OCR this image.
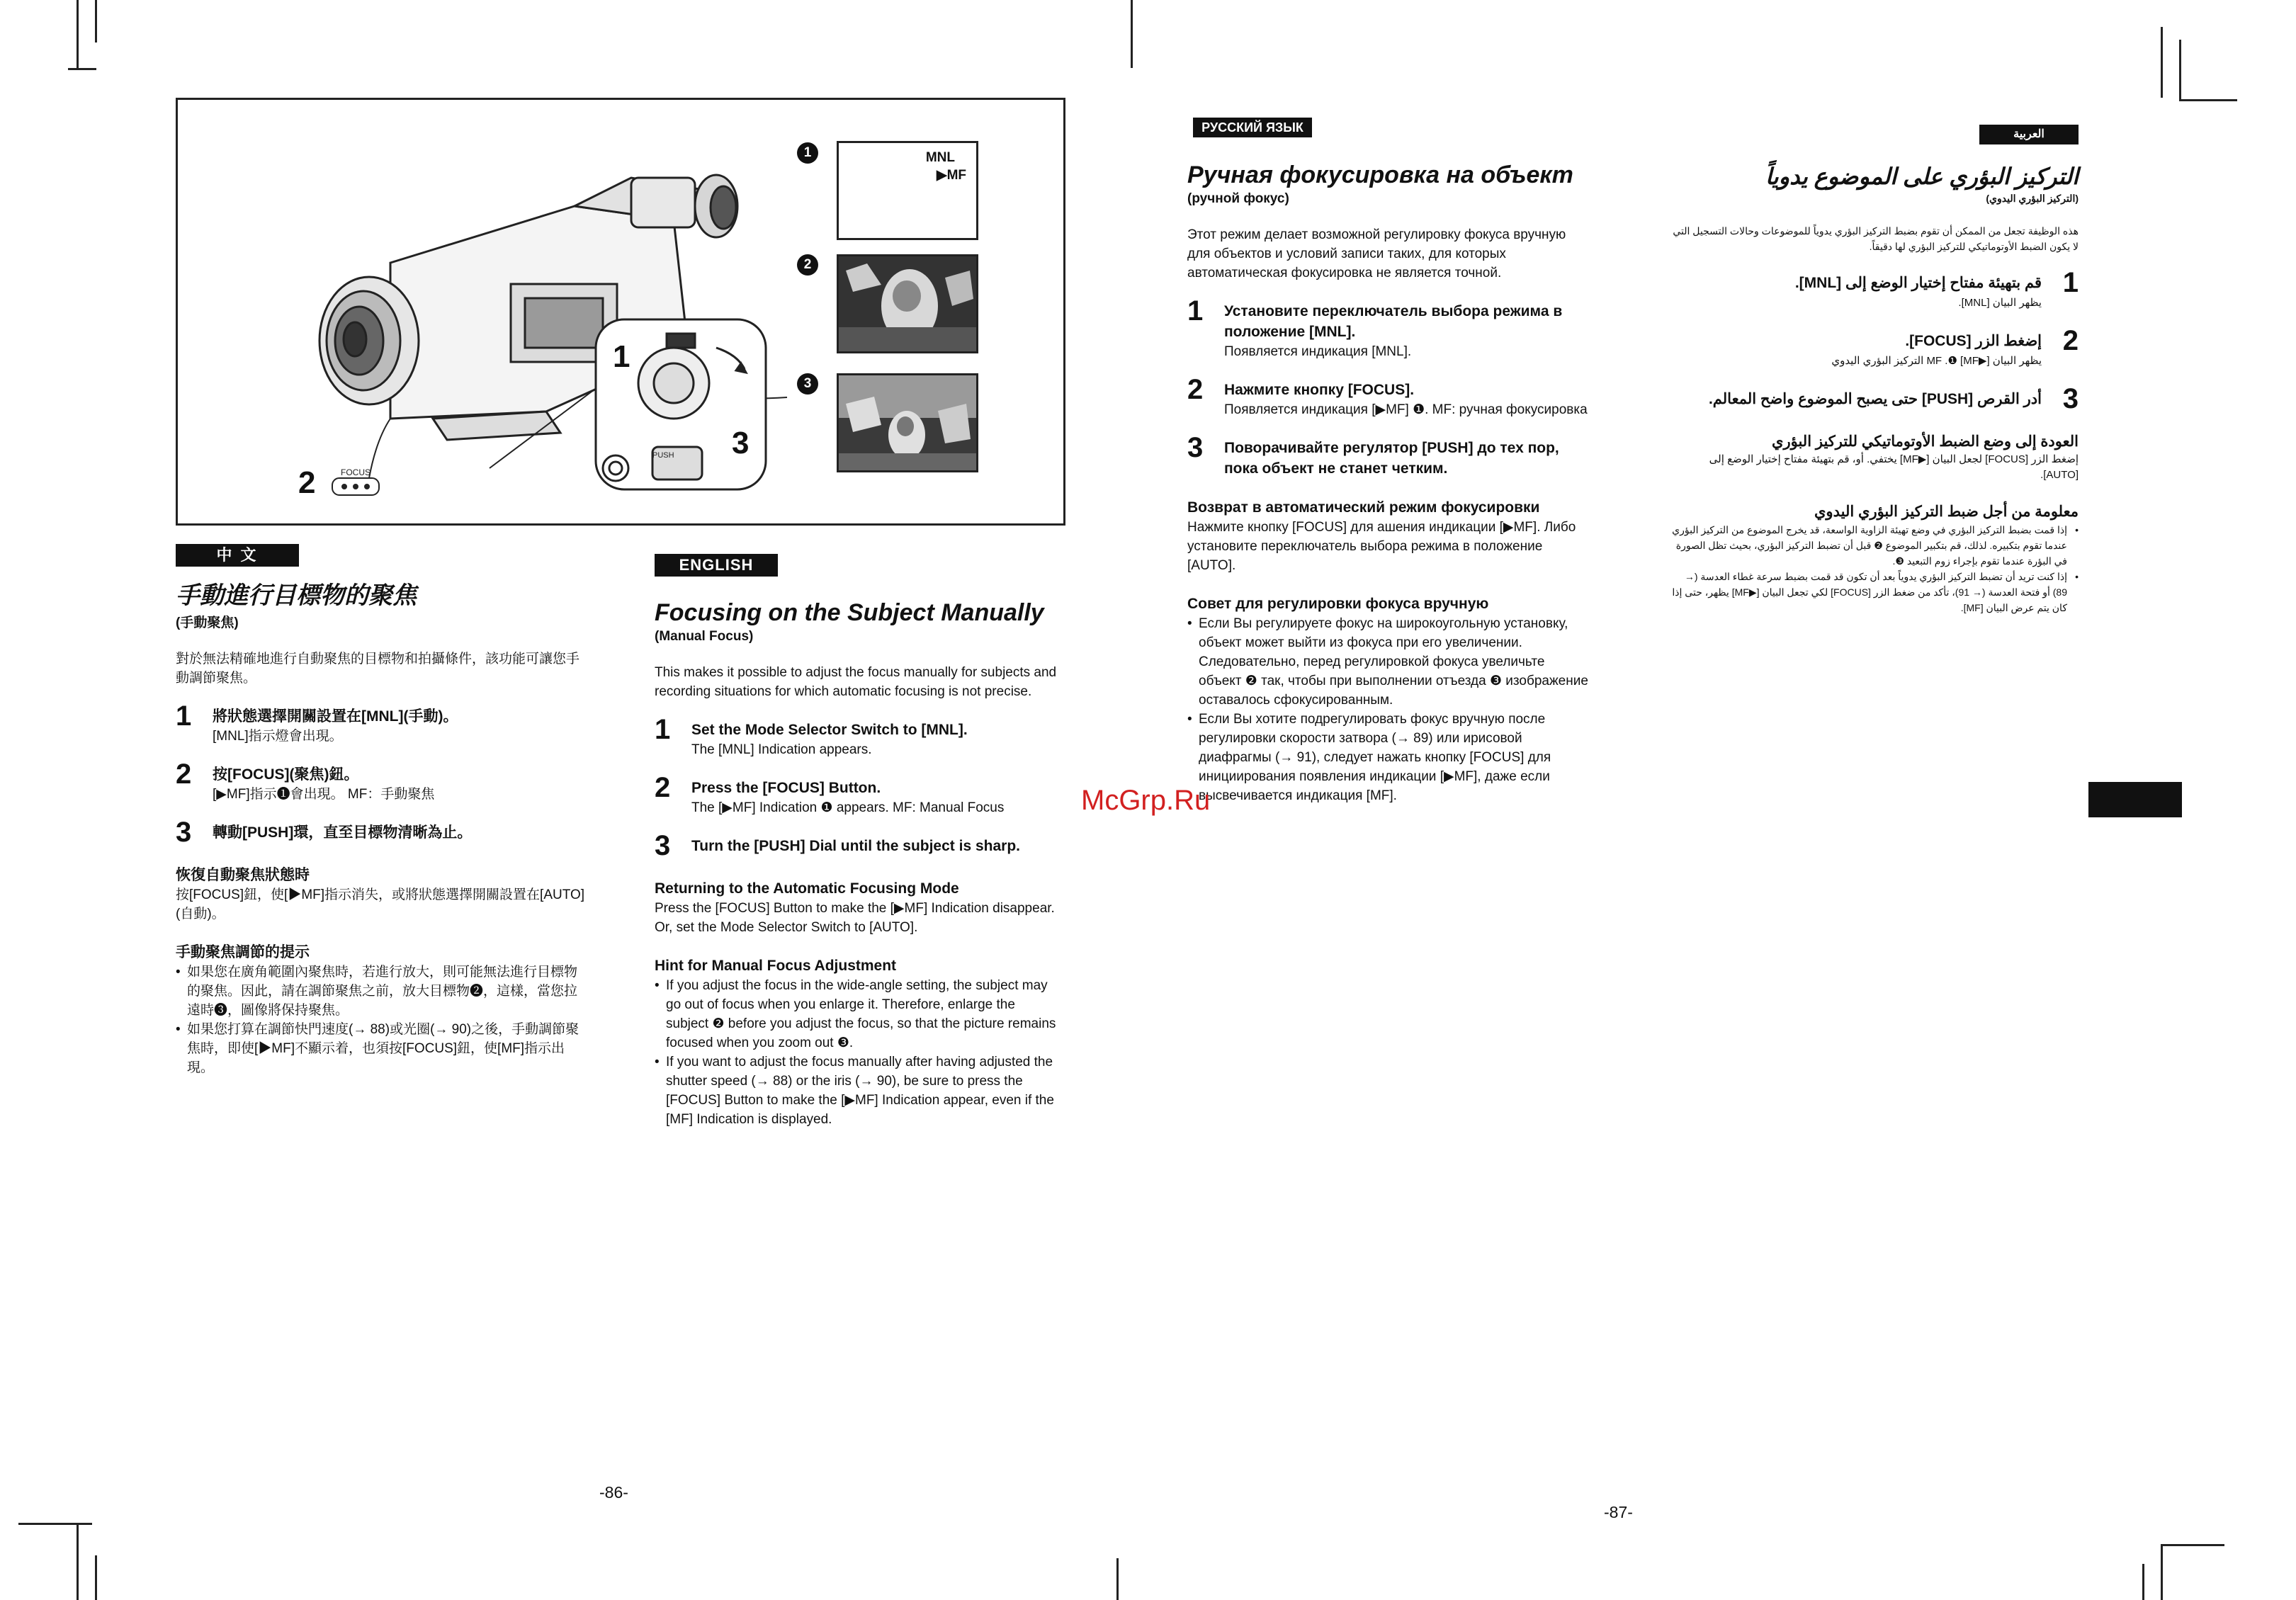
FOCUS
PUSH
1
2
3
1	MNL
▶MF
2
3
中 文
手動進行目標物的聚焦
(手動聚焦)
對於無法精確地進行自動聚焦的目標物和拍攝條件，該功能可讓您手動調節聚焦。
1	將狀態選擇開關設置在[MNL](手動)。
[MNL]指示燈會出現。
2	按[FOCUS](聚焦)鈕。
[▶MF]指示❶會出現。 MF：手動聚焦
3	轉動[PUSH]環，直至目標物清晰為止。
恢復自動聚焦狀態時
按[FOCUS]鈕，使[▶MF]指示消失，或將狀態選擇開關設置在[AUTO](自動)。
手動聚焦調節的提示
• 如果您在廣角範圍內聚焦時，若進行放大，則可能無法進行目標物的聚焦。因此，請在調節聚焦之前，放大目標物❷，這樣，當您拉遠時❸，圖像將保持聚焦。
• 如果您打算在調節快門速度(→ 88)或光圈(→ 90)之後，手動調節聚焦時，即使[▶MF]不顯示着，也須按[FOCUS]鈕，使[MF]指示出現。
ENGLISH
Focusing on the Subject Manually
(Manual Focus)
This makes it possible to adjust the focus manually for subjects and recording situations for which automatic focusing is not precise.
1	Set the Mode Selector Switch to [MNL].
The [MNL] Indication appears.
2	Press the [FOCUS] Button.
The [▶MF] Indication ❶ appears. MF: Manual Focus
3	Turn the [PUSH] Dial until the subject is sharp.
Returning to the Automatic Focusing Mode
Press the [FOCUS] Button to make the [▶MF] Indication disappear. Or, set the Mode Selector Switch to [AUTO].
Hint for Manual Focus Adjustment
• If you adjust the focus in the wide-angle setting, the subject may go out of focus when you enlarge it. Therefore, enlarge the subject ❷ before you adjust the focus, so that the picture remains focused when you zoom out ❸.
• If you want to adjust the focus manually after having adjusted the shutter speed (→ 88) or the iris (→ 90), be sure to press the [FOCUS] Button to make the [▶MF] Indication appear, even if the [MF] Indication is displayed.
РУССКИЙ ЯЗЫК
Ручная фокусировка на объект
(ручной фокус)
Этот режим делает возможной регулировку фокуса вручную для объектов и условий записи таких, для которых автоматическая фокусировка не является точной.
1	Установите переключатель выбора режима в положение [MNL].
Появляется индикация [MNL].
2	Нажмите кнопку [FOCUS].
Появляется индикация [▶MF] ❶. MF: ручная фокусировка
3	Поворачивайте регулятор [PUSH] до тех пор, пока объект не станет четким.
Возврат в автоматический режим фокусировки
Нажмите кнопку [FOCUS] для ашения индикации [▶MF]. Либо установите переключатель выбора режима в положение [AUTO].
Совет для регулировки фокуса вручную
• Если Вы регулируете фокус на широкоугольную установку, объект может выйти из фокуса при его увеличении. Следовательно, перед регулировкой фокуса увеличьте объект ❷ так, чтобы при выполнении отъезда ❸ изображение оставалось сфокусированным.
• Если Вы хотите подрегулировать фокус вручную после регулировки скорости затвора (→ 89) или ирисовой диафрагмы (→ 91), следует нажать кнопку [FOCUS] для инициирования появления индикации [▶MF], даже если высвечивается индикация [MF].
العربية
التركيز البؤري على الموضوع يدوياً
(التركيز البؤري اليدوي)
هذه الوظيفة تجعل من الممكن أن تقوم بضبط التركيز البؤري يدوياً للموضوعات وحالات التسجيل التي لا يكون الضبط الأوتوماتيكي للتركيز البؤري لها دقيقاً.
1
قم بتهيئة مفتاح إختيار الوضع إلى [MNL].
يظهر البيان [MNL].
2
إضغط الزر [FOCUS].
يظهر البيان [▶MF] ❶. MF التركيز البؤري اليدوي
3
أدر القرص [PUSH] حتى يصبح الموضوع واضح المعالم.
العودة إلى وضع الضبط الأوتوماتيكي للتركيز البؤري
إضغط الزر [FOCUS] لجعل البيان [▶MF] يختفي. أو، قم بتهيئة مفتاح إختيار الوضع إلى [AUTO].
معلومة من أجل ضبط التركيز البؤري اليدوي
•
إذا قمت بضبط التركيز البؤري في وضع تهيئة الزاوية الواسعة، قد يخرج الموضوع من التركيز البؤري عندما تقوم بتكبيره. لذلك، قم بتكبير الموضوع ❷ قبل أن تضبط التركيز البؤري، بحيث تظل الصورة في البؤرة عندما تقوم بإجراء زوم التبعيد ❸.
•
إذا كنت تريد أن تضبط التركيز البؤري يدوياً بعد أن تكون قد قمت بضبط سرعة غطاء العدسة (→ 89) أو فتحة العدسة (→ 91)، تأكد من ضغط الزر [FOCUS] لكي تجعل البيان [▶MF] يظهر، حتى إذا كان يتم عرض البيان [MF].
McGrp.Ru
-86-
-87-
